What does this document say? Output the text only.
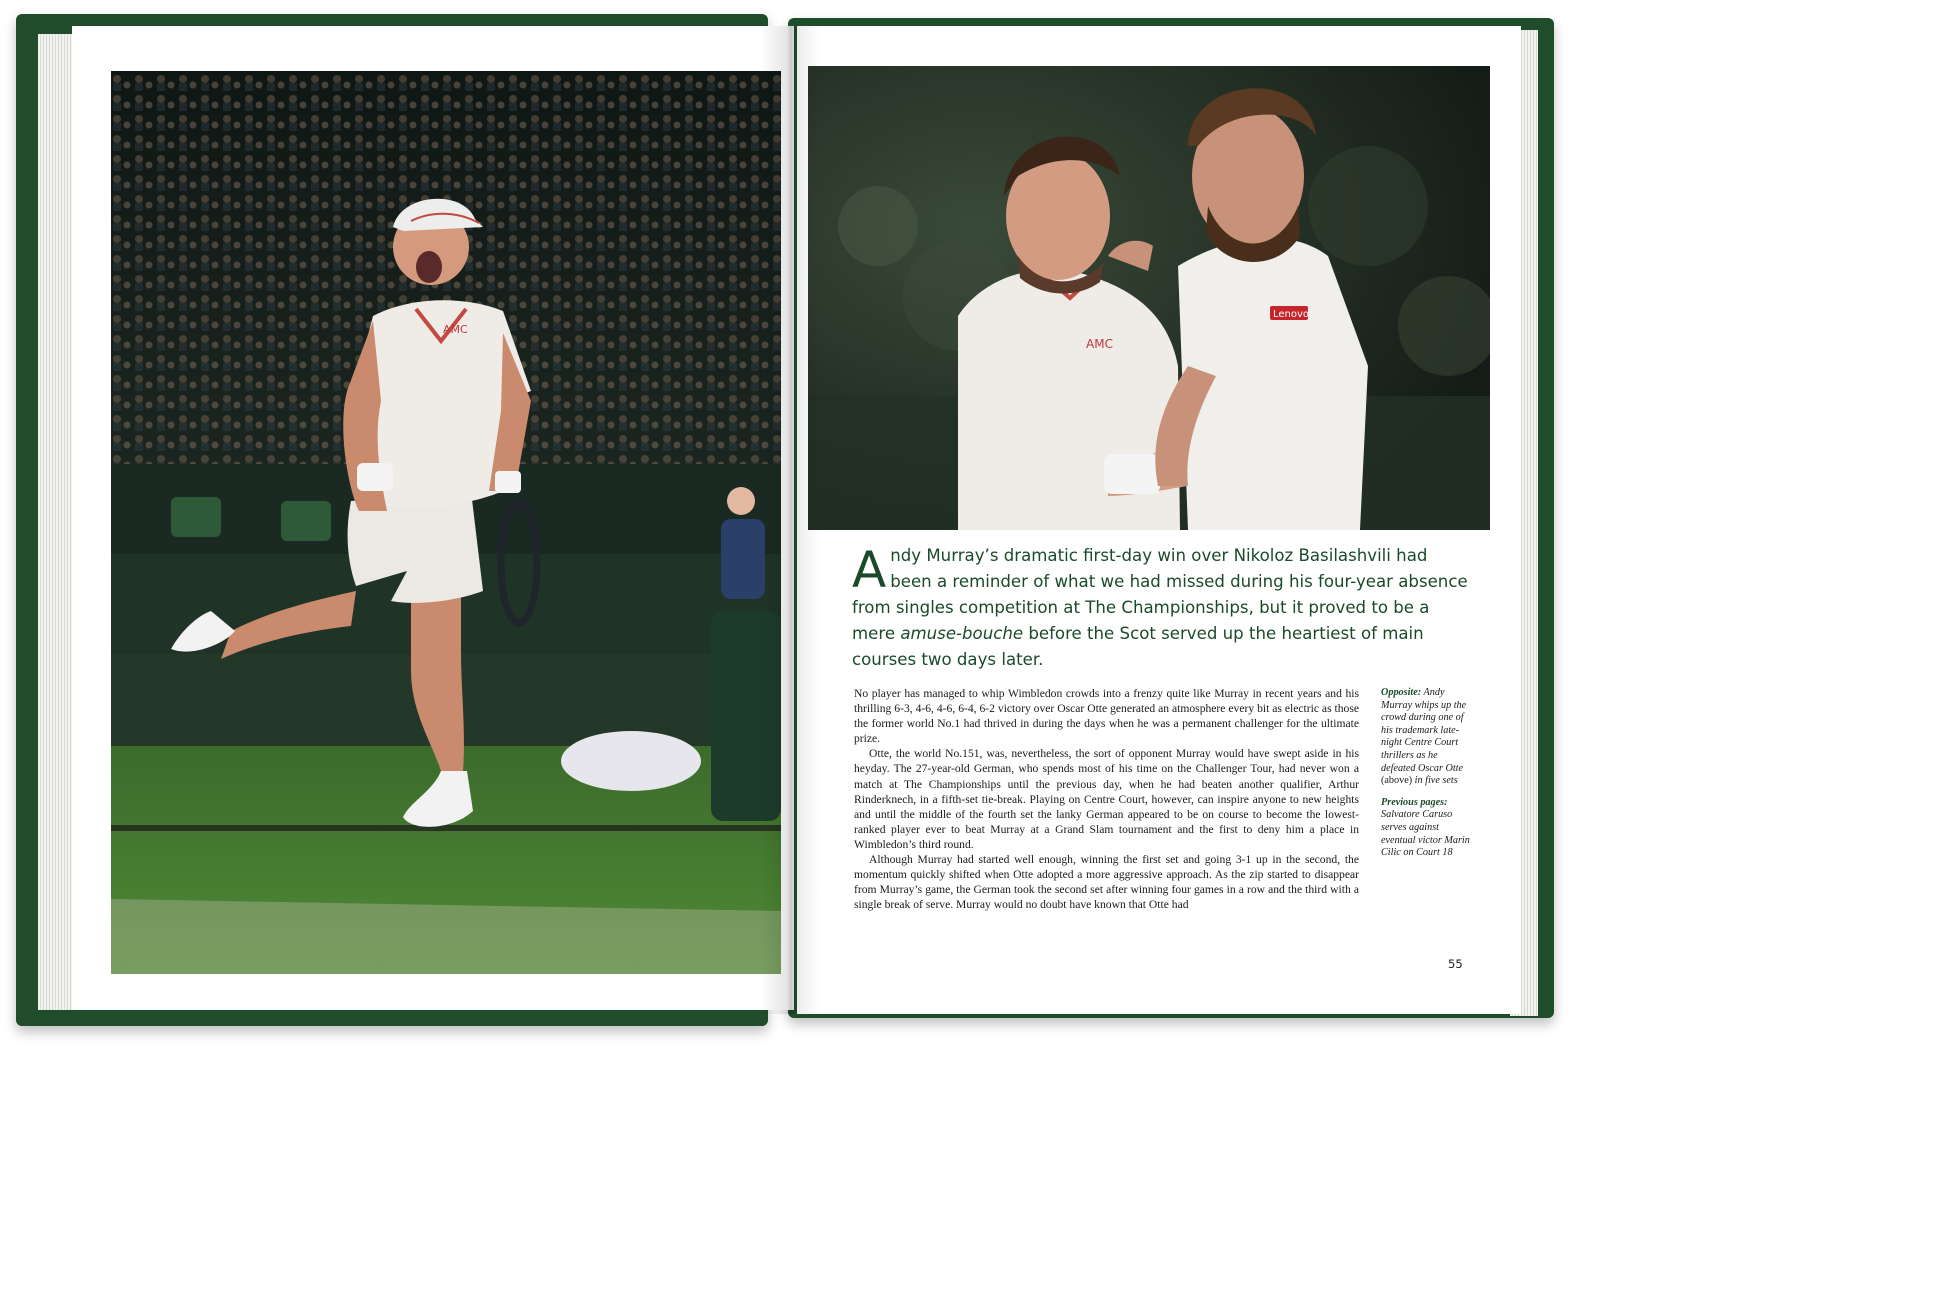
AMC
AMC
Lenovo
Andy Murray’s dramatic first-day win over Nikoloz Basilashvili had been a reminder of what we had missed during his four-year absence from singles competition at The Championships, but it proved to be a mere amuse-bouche before the Scot served up the heartiest of main courses two days later.

No player has managed to whip Wimbledon crowds into a frenzy quite like Murray in recent years and his thrilling 6-3, 4-6, 4-6, 6-4, 6-2 victory over Oscar Otte generated an atmosphere every bit as electric as those the former world No.1 had thrived in during the days when he was a permanent challenger for the ultimate prize.

Otte, the world No.151, was, nevertheless, the sort of opponent Murray would have swept aside in his heyday. The 27-year-old German, who spends most of his time on the Challenger Tour, had never won a match at The Championships until the previous day, when he had beaten another qualifier, Arthur Rinderknech, in a fifth-set tie-break. Playing on Centre Court, however, can inspire anyone to new heights and until the middle of the fourth set the lanky German appeared to be on course to become the lowest-ranked player ever to beat Murray at a Grand Slam tournament and the first to deny him a place in Wimbledon’s third round.

Although Murray had started well enough, winning the first set and going 3-1 up in the second, the momentum quickly shifted when Otte adopted a more aggressive approach. As the zip started to disappear from Murray’s game, the German took the second set after winning four games in a row and the third with a single break of serve. Murray would no doubt have known that Otte had

Opposite: Andy Murray whips up the crowd during one of his trademark late-night Centre Court thrillers as he defeated Oscar Otte (above) in five sets

Previous pages: Salvatore Caruso serves against eventual victor Marin Cilic on Court 18

55
